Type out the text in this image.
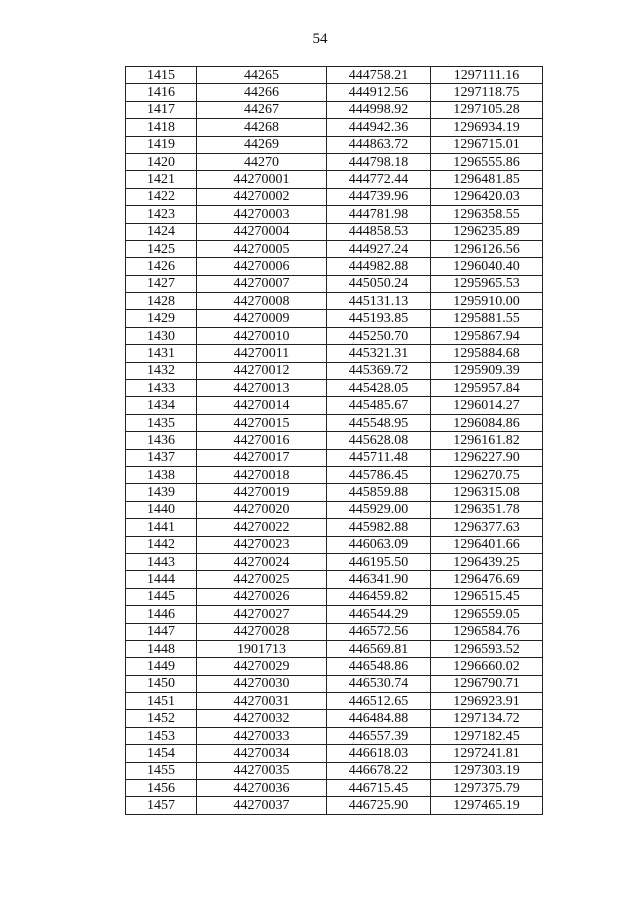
54
1415	44265	444758.21	1297111.16
1416	44266	444912.56	1297118.75
1417	44267	444998.92	1297105.28
1418	44268	444942.36	1296934.19
1419	44269	444863.72	1296715.01
1420	44270	444798.18	1296555.86
1421	44270001	444772.44	1296481.85
1422	44270002	444739.96	1296420.03
1423	44270003	444781.98	1296358.55
1424	44270004	444858.53	1296235.89
1425	44270005	444927.24	1296126.56
1426	44270006	444982.88	1296040.40
1427	44270007	445050.24	1295965.53
1428	44270008	445131.13	1295910.00
1429	44270009	445193.85	1295881.55
1430	44270010	445250.70	1295867.94
1431	44270011	445321.31	1295884.68
1432	44270012	445369.72	1295909.39
1433	44270013	445428.05	1295957.84
1434	44270014	445485.67	1296014.27
1435	44270015	445548.95	1296084.86
1436	44270016	445628.08	1296161.82
1437	44270017	445711.48	1296227.90
1438	44270018	445786.45	1296270.75
1439	44270019	445859.88	1296315.08
1440	44270020	445929.00	1296351.78
1441	44270022	445982.88	1296377.63
1442	44270023	446063.09	1296401.66
1443	44270024	446195.50	1296439.25
1444	44270025	446341.90	1296476.69
1445	44270026	446459.82	1296515.45
1446	44270027	446544.29	1296559.05
1447	44270028	446572.56	1296584.76
1448	1901713	446569.81	1296593.52
1449	44270029	446548.86	1296660.02
1450	44270030	446530.74	1296790.71
1451	44270031	446512.65	1296923.91
1452	44270032	446484.88	1297134.72
1453	44270033	446557.39	1297182.45
1454	44270034	446618.03	1297241.81
1455	44270035	446678.22	1297303.19
1456	44270036	446715.45	1297375.79
1457	44270037	446725.90	1297465.19
